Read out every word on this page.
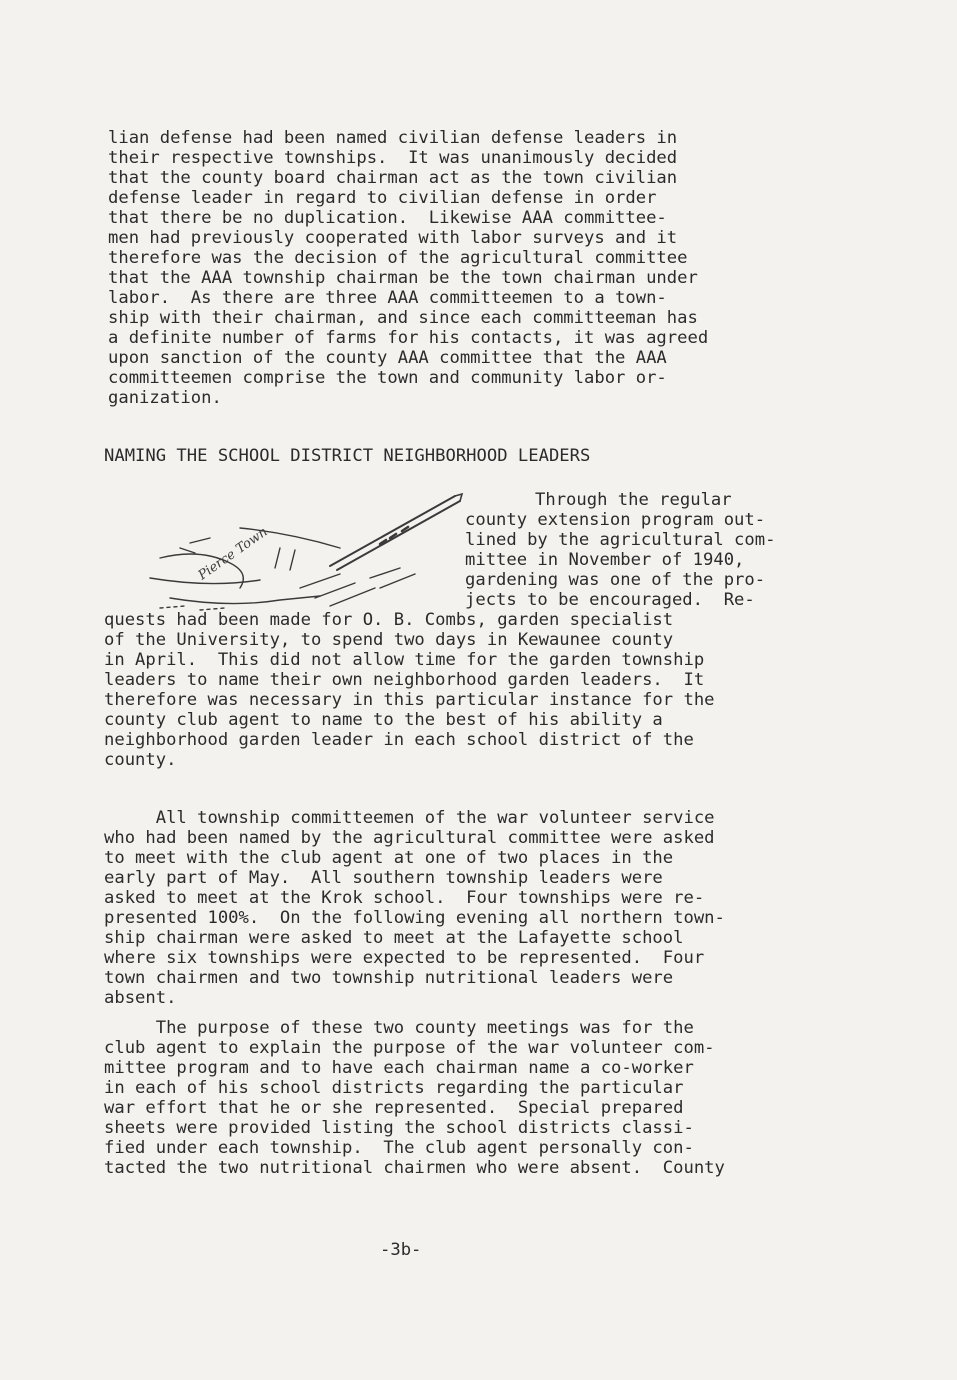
lian defense had been named civilian defense leaders in
their respective townships.  It was unanimously decided
that the county board chairman act as the town civilian
defense leader in regard to civilian defense in order
that there be no duplication.  Likewise AAA committee-
men had previously cooperated with labor surveys and it
therefore was the decision of the agricultural committee
that the AAA township chairman be the town chairman under
labor.  As there are three AAA committeemen to a town-
ship with their chairman, and since each committeeman has
a definite number of farms for his contacts, it was agreed
upon sanction of the county AAA committee that the AAA
committeemen comprise the town and community labor or-
ganization.
NAMING THE SCHOOL DISTRICT NEIGHBORHOOD LEADERS
Pierce Town
Through the regular
county extension program out-
lined by the agricultural com-
mittee in November of 1940,
gardening was one of the pro-
jects to be encouraged.  Re-
quests had been made for O. B. Combs, garden specialist
of the University, to spend two days in Kewaunee county
in April.  This did not allow time for the garden township
leaders to name their own neighborhood garden leaders.  It
therefore was necessary in this particular instance for the
county club agent to name to the best of his ability a
neighborhood garden leader in each school district of the
county.
All township committeemen of the war volunteer service
who had been named by the agricultural committee were asked
to meet with the club agent at one of two places in the
early part of May.  All southern township leaders were
asked to meet at the Krok school.  Four townships were re-
presented 100%.  On the following evening all northern town-
ship chairman were asked to meet at the Lafayette school
where six townships were expected to be represented.  Four
town chairmen and two township nutritional leaders were
absent.
The purpose of these two county meetings was for the
club agent to explain the purpose of the war volunteer com-
mittee program and to have each chairman name a co-worker
in each of his school districts regarding the particular
war effort that he or she represented.  Special prepared
sheets were provided listing the school districts classi-
fied under each township.  The club agent personally con-
tacted the two nutritional chairmen who were absent.  County
-3b-
